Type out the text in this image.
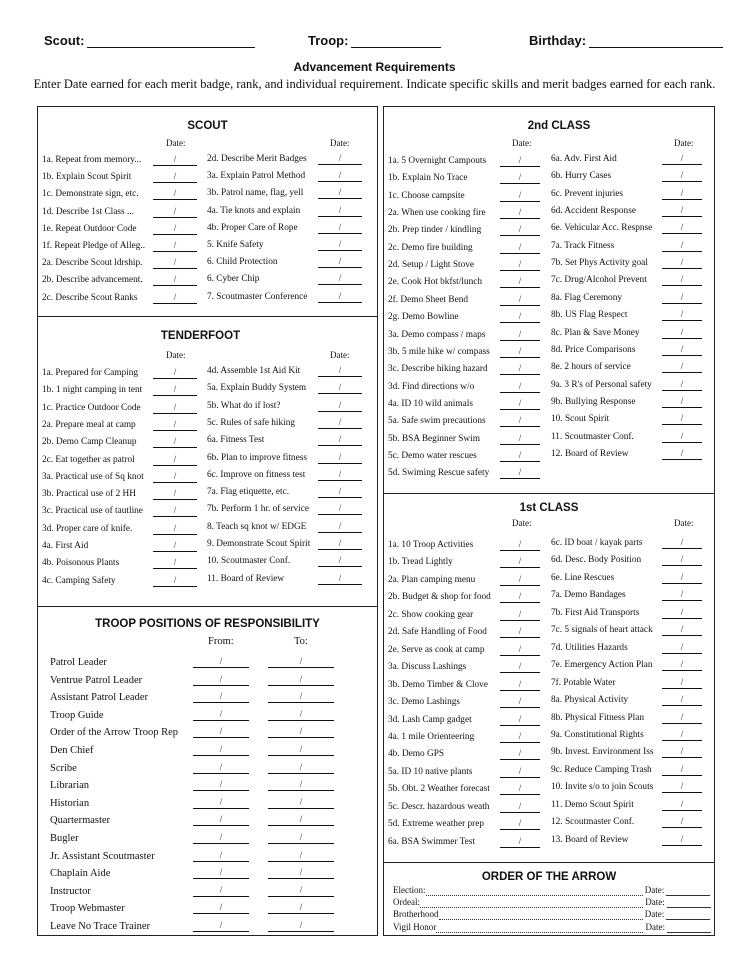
Scout:	Troop:	Birthday:
Advancement Requirements
Enter Date earned for each merit badge, rank, and individual requirement. Indicate specific skills and merit badges earned for each rank.
SCOUT
TENDERFOOT
TROOP POSITIONS OF RESPONSIBILITY
2nd CLASS
1st CLASS
ORDER OF THE ARROW
Date:	Date:
Date:	Date:
Date:	Date:
Date:	Date:
From:	To:
1a. Repeat from memory...	/
1b. Explain Scout Spirit	/
1c. Demonstrate sign, etc.	/
1d. Describe 1st Class ...	/
1e. Repeat Outdoor Code	/
1f. Repeat Pledge of Alleg..	/
2a. Describe Scout ldrship.	/
2b. Describe advancement.	/
2c. Describe Scout Ranks	/
2d. Describe Merit Badges	/
3a. Explain Patrol Method	/
3b. Patrol name, flag, yell	/
4a. Tie knots and explain	/
4b. Proper Care of Rope	/
5. Knife Safety	/
6. Child Protection	/
6. Cyber Chip	/
7. Scoutmaster Conference	/
1a. Prepared for Camping	/
1b. 1 night camping in tent	/
1c. Practice Outdoor Code	/
2a. Prepare meal at camp	/
2b. Demo Camp Cleanup	/
2c. Eat together as patrol	/
3a. Practical use of Sq knot	/
3b. Practical use of 2 HH	/
3c. Practical use of tautline	/
3d. Proper care of knife.	/
4a. First Aid	/
4b. Poisonous Plants	/
4c. Camping Safety	/
4d. Assemble 1st Aid Kit	/
5a. Explain Buddy System	/
5b. What do if lost?	/
5c. Rules of safe hiking	/
6a. Fitness Test	/
6b. Plan to improve fitness	/
6c. Improve on fitness test	/
7a. Flag etiquette, etc.	/
7b. Perform 1 hr. of service	/
8. Teach sq knot w/ EDGE	/
9. Demonstrate Scout Spirit	/
10. Scoutmaster Conf.	/
11. Board of Review	/
Patrol Leader	/	/
Ventrue Patrol Leader	/	/
Assistant Patrol Leader	/	/
Troop Guide	/	/
Order of the Arrow Troop Rep	/	/
Den Chief	/	/
Scribe	/	/
Librarian	/	/
Historian	/	/
Quartermaster	/	/
Bugler	/	/
Jr. Assistant Scoutmaster	/	/
Chaplain Aide	/	/
Instructor	/	/
Troop Webmaster	/	/
Leave No Trace Trainer	/	/
1a. 5 Overnight Campouts	/
1b. Explain No Trace	/
1c. Choose campsite	/
2a. When use cooking fire	/
2b. Prep tinder / kindling	/
2c. Demo fire building	/
2d. Setup / Light Stove	/
2e. Cook Hot bkfst/lunch	/
2f. Demo Sheet Bend	/
2g. Demo Bowline	/
3a. Demo compass / maps	/
3b. 5 mile hike w/ compass	/
3c. Describe hiking hazard	/
3d. Find directions w/o	/
4a. ID 10 wild animals	/
5a. Safe swim precautions	/
5b. BSA Beginner Swim	/
5c. Demo water rescues	/
5d. Swiming Rescue safety	/
6a. Adv. First Aid	/
6b. Hurry Cases	/
6c. Prevent injuries	/
6d. Accident Response	/
6e. Vehicular Acc. Respnse	/
7a. Track Fitness	/
7b. Set Phys Activity goal	/
7c. Drug/Alcohol Prevent	/
8a. Flag Ceremony	/
8b. US Flag Respect	/
8c. Plan & Save Money	/
8d. Price Comparisons	/
8e. 2 hours of service	/
9a. 3 R's of Personal safety	/
9b. Bullying Response	/
10. Scout Spirit	/
11. Scoutmaster Conf.	/
12. Board of Review	/
1a. 10 Troop Activities	/
1b. Tread Lightly	/
2a. Plan camping menu	/
2b. Budget & shop for food	/
2c. Show cooking gear	/
2d. Safe Handling of Food	/
2e. Serve as cook at camp	/
3a. Discuss Lashings	/
3b. Demo Timber & Clove	/
3c. Demo Lashings	/
3d. Lash Camp gadget	/
4a. 1 mile Orienteering	/
4b. Demo GPS	/
5a. ID 10 native plants	/
5b. Obt. 2 Weather forecast	/
5c. Descr. hazardous weath	/
5d. Extreme weather prep	/
6a. BSA Swimmer Test	/
6c. ID boat / kayak parts	/
6d. Desc. Body Position	/
6e. Line Rescues	/
7a. Demo Bandages	/
7b. First Aid Transports	/
7c. 5 signals of heart attack	/
7d. Utilities Hazards	/
7e. Emergency Action Plan	/
7f. Potable Water	/
8a. Physical Activity	/
8b. Physical Fitness Plan	/
9a. Constitutional Rights	/
9b. Invest. Environment Iss	/
9c. Reduce Camping Trash	/
10. Invite s/o to join Scouts	/
11. Demo Scout Spirit	/
12. Scoutmaster Conf.	/
13. Board of Review	/
Election:	Date:
Ordeal:	Date:
Brotherhood	Date:
Vigil Honor	Date:
